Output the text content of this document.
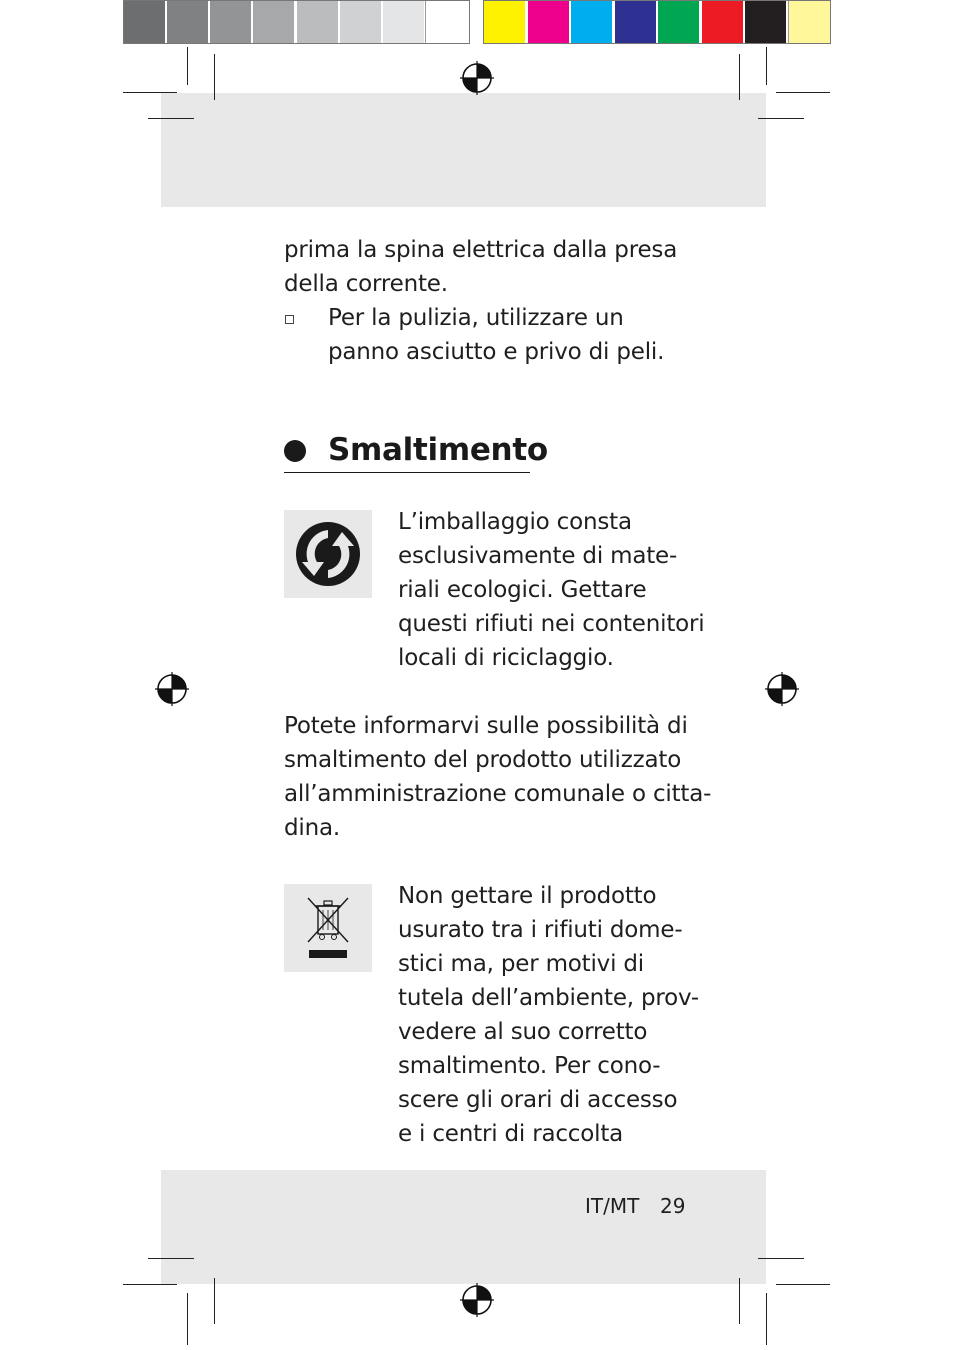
prima la spina elettrica dalla presa
della corrente.
Per la pulizia, utilizzare un
panno asciutto e privo di peli.
Smaltimento
L’imballaggio consta
esclusivamente di mate-
riali ecologici. Gettare
questi rifiuti nei contenitori
locali di riciclaggio.
Potete informarvi sulle possibilità di
smaltimento del prodotto utilizzato
all’amministrazione comunale o citta-
dina.
Non gettare il prodotto
usurato tra i rifiuti dome-
stici ma, per motivi di
tutela dell’ambiente, prov-
vedere al suo corretto
smaltimento. Per cono-
scere gli orari di accesso
e i centri di raccolta
IT/MT 29
